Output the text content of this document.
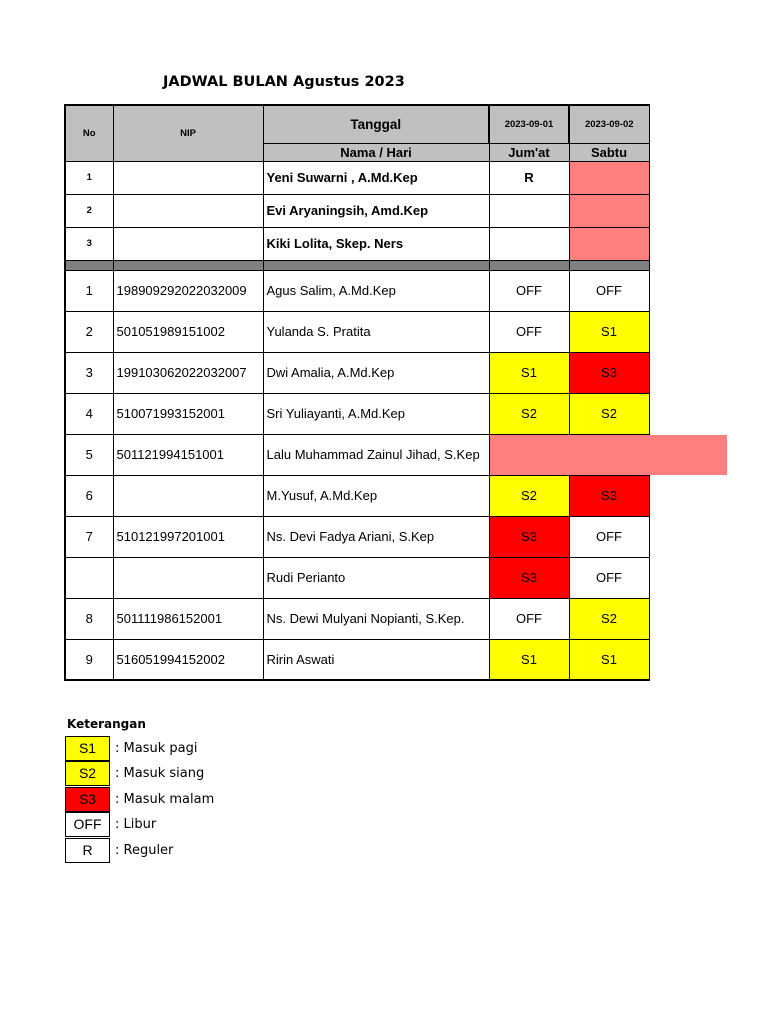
JADWAL BULAN Agustus 2023
No	NIP	Tanggal	2023-09-01	2023-09-02
		Nama / Hari	Jum'at	Sabtu
1		Yeni Suwarni , A.Md.Kep	R	
2		Evi Aryaningsih, Amd.Kep		
3		Kiki Lolita, Skep. Ners		

1	198909292022032009	Agus Salim, A.Md.Kep	OFF	OFF
2	501051989151002	Yulanda S. Pratita	OFF	S1
3	199103062022032007	Dwi Amalia, A.Md.Kep	S1	S3
4	510071993152001	Sri Yuliayanti, A.Md.Kep	S2	S2
5	501121994151001	Lalu Muhammad Zainul Jihad, S.Kep		
6		M.Yusuf, A.Md.Kep	S2	S3
7	510121997201001	Ns. Devi Fadya Ariani, S.Kep	S3	OFF
		Rudi Perianto	S3	OFF
8	501111986152001	Ns. Dewi Mulyani Nopianti, S.Kep.	OFF	S2
9	516051994152002	Ririn Aswati	S1	S1
Keterangan
S1	: Masuk pagi
S2	: Masuk siang
S3	: Masuk malam
OFF	: Libur
R	: Reguler
